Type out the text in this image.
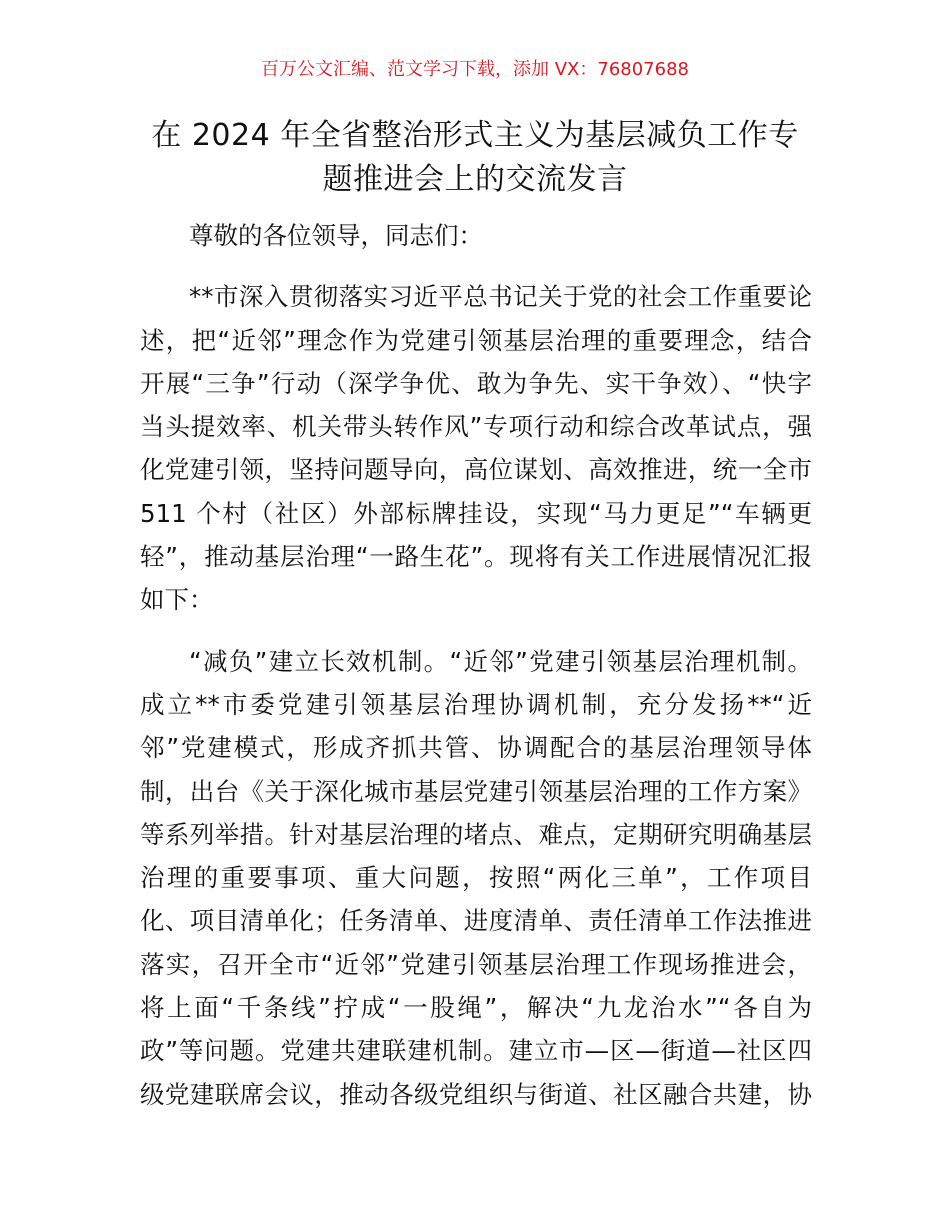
百万公文汇编、范文学习下载，添加 VX：76807688
在 2024 年全省整治形式主义为基层减负工作专
题推进会上的交流发言
尊敬的各位领导，同志们：
**市深入贯彻落实习近平总书记关于党的社会工作重要论
述，把“近邻”理念作为党建引领基层治理的重要理念，结合
开展“三争”行动（深学争优、敢为争先、实干争效）、“快字
当头提效率、机关带头转作风”专项行动和综合改革试点，强
化党建引领，坚持问题导向，高位谋划、高效推进，统一全市
511 个村（社区）外部标牌挂设，实现“马力更足”“车辆更
轻”，推动基层治理“一路生花”。现将有关工作进展情况汇报
如下：
“减负”建立长效机制。“近邻”党建引领基层治理机制。
成立**市委党建引领基层治理协调机制，充分发扬**“近
邻”党建模式，形成齐抓共管、协调配合的基层治理领导体
制，出台《关于深化城市基层党建引领基层治理的工作方案》
等系列举措。针对基层治理的堵点、难点，定期研究明确基层
治理的重要事项、重大问题，按照“两化三单”，工作项目
化、项目清单化；任务清单、进度清单、责任清单工作法推进
落实，召开全市“近邻”党建引领基层治理工作现场推进会，
将上面“千条线”拧成“一股绳”，解决“九龙治水”“各自为
政”等问题。党建共建联建机制。建立市—区—街道—社区四
级党建联席会议，推动各级党组织与街道、社区融合共建，协
